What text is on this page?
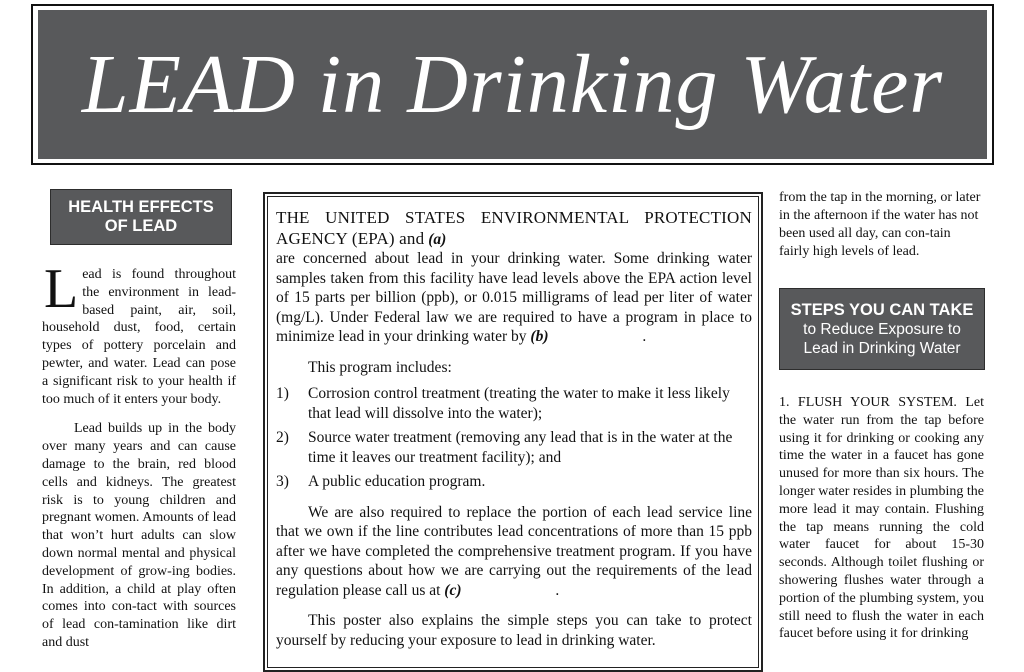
LEAD in Drinking Water
HEALTH EFFECTS
OF LEAD

Lead is found throughout the environment in lead-based paint, air, soil, household dust, food, certain types of pottery porcelain and pewter, and water. Lead can pose a significant risk to your health if too much of it enters your body.

Lead builds up in the body over many years and can cause damage to the brain, red blood cells and kidneys. The greatest risk is to young children and pregnant women. Amounts of lead that won’t hurt adults can slow down normal mental and physical development of grow-ing bodies. In addition, a child at play often comes into con-tact with sources of lead con-tamination like dirt and dust

THE UNITED STATES ENVIRONMENTAL PROTECTION AGENCY (EPA) and (a)
are concerned about lead in your drinking water. Some drinking water samples taken from this facility have lead levels above the EPA action level of 15 parts per billion (ppb), or 0.015 milligrams of lead per liter of water (mg/L). Under Federal law we are required to have a program in place to minimize lead in your drinking water by (b)	.

This program includes:

1) Corrosion control treatment (treating the water to make it less likely that lead will dissolve into the water);
2) Source water treatment (removing any lead that is in the water at the time it leaves our treatment facility); and
3) A public education program.

We are also required to replace the portion of each lead service line that we own if the line contributes lead concentrations of more than 15 ppb after we have completed the comprehensive treatment program. If you have any questions about how we are carrying out the requirements of the lead regulation please call us at (c)	.

This poster also explains the simple steps you can take to protect yourself by reducing your exposure to lead in drinking water.

from the tap in the morning, or later in the afternoon if the water has not been used all day, can con-tain fairly high levels of lead.

STEPS YOU CAN TAKE
to Reduce Exposure to
Lead in Drinking Water

1. FLUSH YOUR SYSTEM. Let the water run from the tap before using it for drinking or cooking any time the water in a faucet has gone unused for more than six hours. The longer water resides in plumbing the more lead it may contain. Flushing the tap means running the cold water faucet for about 15-30 seconds. Although toilet flushing or showering flushes water through a portion of the plumbing system, you still need to flush the water in each faucet before using it for drinking
